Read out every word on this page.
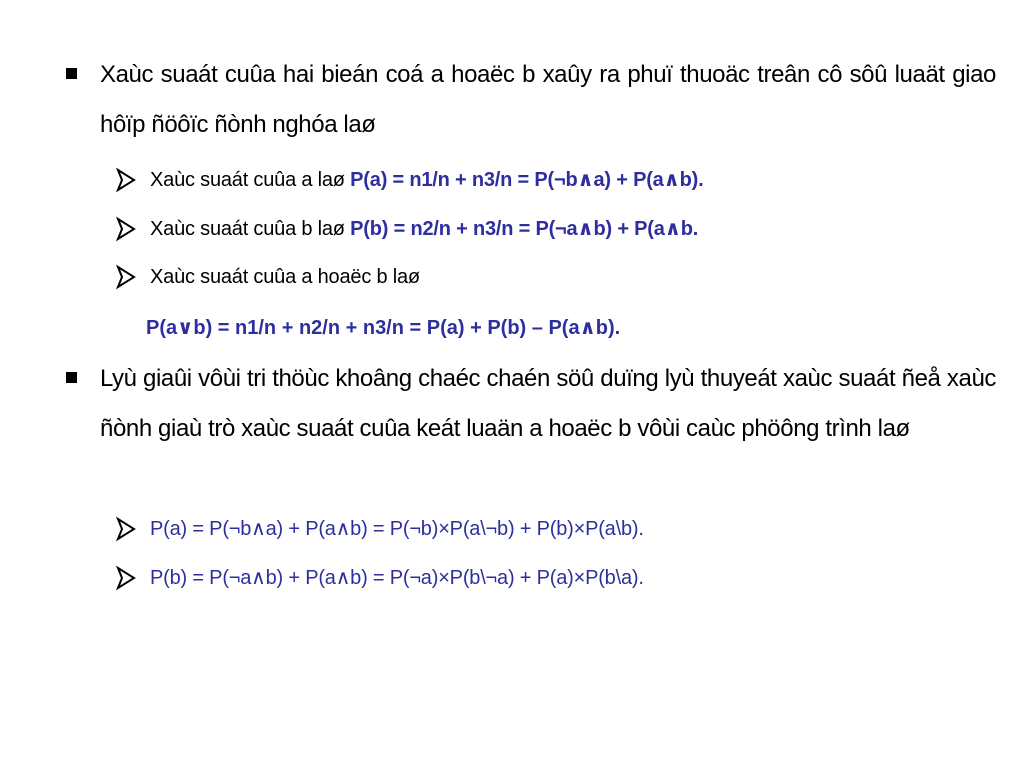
Xaùc suaát cuûa hai bieán coá a hoaëc b xaûy ra phuï thuoäc treân cô sôû luaät giao hôïp ñöôïc ñònh nghóa laø
Xaùc suaát cuûa a laø P(a) = n1/n + n3/n = P(¬b∧a) + P(a∧b).
Xaùc suaát cuûa b laø P(b) = n2/n + n3/n = P(¬a∧b) + P(a∧b.
Xaùc suaát cuûa a hoaëc b laø
P(a∨b) = n1/n + n2/n + n3/n = P(a) + P(b) – P(a∧b).
Lyù giaûi vôùi tri thöùc khoâng chaéc chaén söû duïng lyù thuyeát xaùc suaát ñeå xaùc ñònh giaù trò xaùc suaát cuûa keát luaän a hoaëc b vôùi caùc phöông trình laø
P(a) = P(¬b∧a) + P(a∧b) = P(¬b)×P(a\¬b) + P(b)×P(a\b).
P(b) = P(¬a∧b) + P(a∧b) = P(¬a)×P(b\¬a) + P(a)×P(b\a).
